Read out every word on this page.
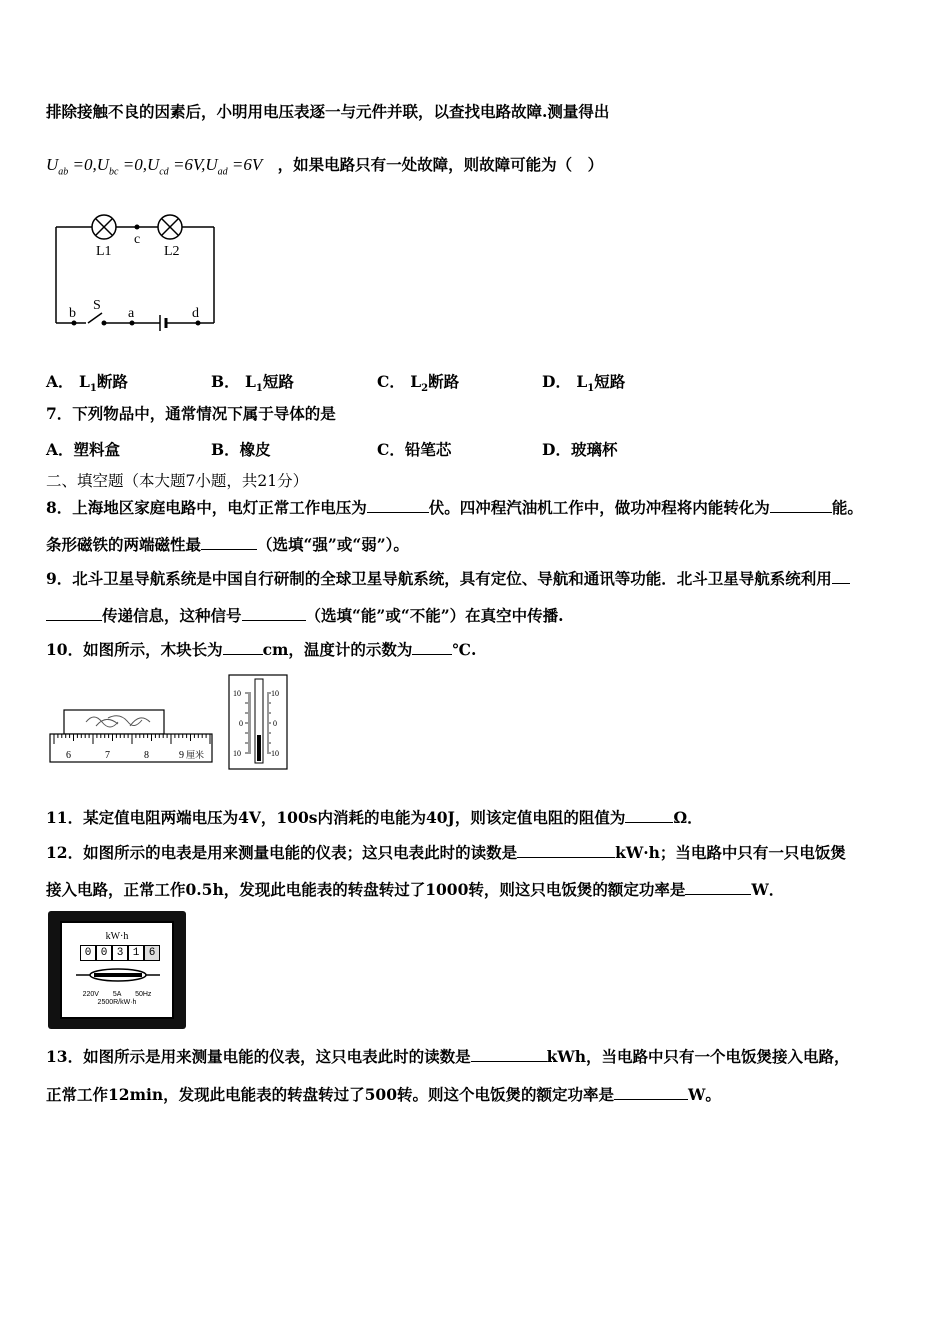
排除接触不良的因素后，小明用电压表逐一与元件并联，以查找电路故障.测量得出
$U_{ab} =0,U_{bc} =0,U_{cd} =6V,U_{ad} =6V$ ，如果电路只有一处故障，则故障可能为（　）
L1
c
L2
b
S
a	d
A． $L_1$断路	B． $L_1$短路	C． $L_2$断路	D． $L_1$短路
7．下列物品中，通常情况下属于导体的是
A．塑料盒	B．橡皮	C．铅笔芯	D．玻璃杯
二、填空题（本大题7小题，共21分）
8．上海地区家庭电路中，电灯正常工作电压为	伏。四冲程汽油机工作中，做功冲程将内能转化为	能。
条形磁铁的两端磁性最	（选填“强”或“弱”）。
9．北斗卫星导航系统是中国自行研制的全球卫星导航系统，具有定位、导航和通讯等功能．北斗卫星导航系统利用
传递信息，这种信号	（选填“能”或“不能”）在真空中传播.
10．如图所示，木块长为	cm，温度计的示数为	℃.
6	7	8	9 厘米
10
0
10
10
0
10
11．某定值电阻两端电压为4V，100s内消耗的电能为40J，则该定值电阻的阻值为	Ω．
12．如图所示的电表是用来测量电能的仪表；这只电表此时的读数是	kW·h；当电路中只有一只电饭煲
接入电路，正常工作0.5h，发现此电能表的转盘转过了1000转，则这只电饭煲的额定功率是	W．
kW·h
0 0 3 1 6
220V　　5A　　50Hz
2500R/kW·h
13．如图所示是用来测量电能的仪表，这只电表此时的读数是	kWh，当电路中只有一个电饭煲接入电路，
正常工作12min，发现此电能表的转盘转过了500转。则这个电饭煲的额定功率是	W。
